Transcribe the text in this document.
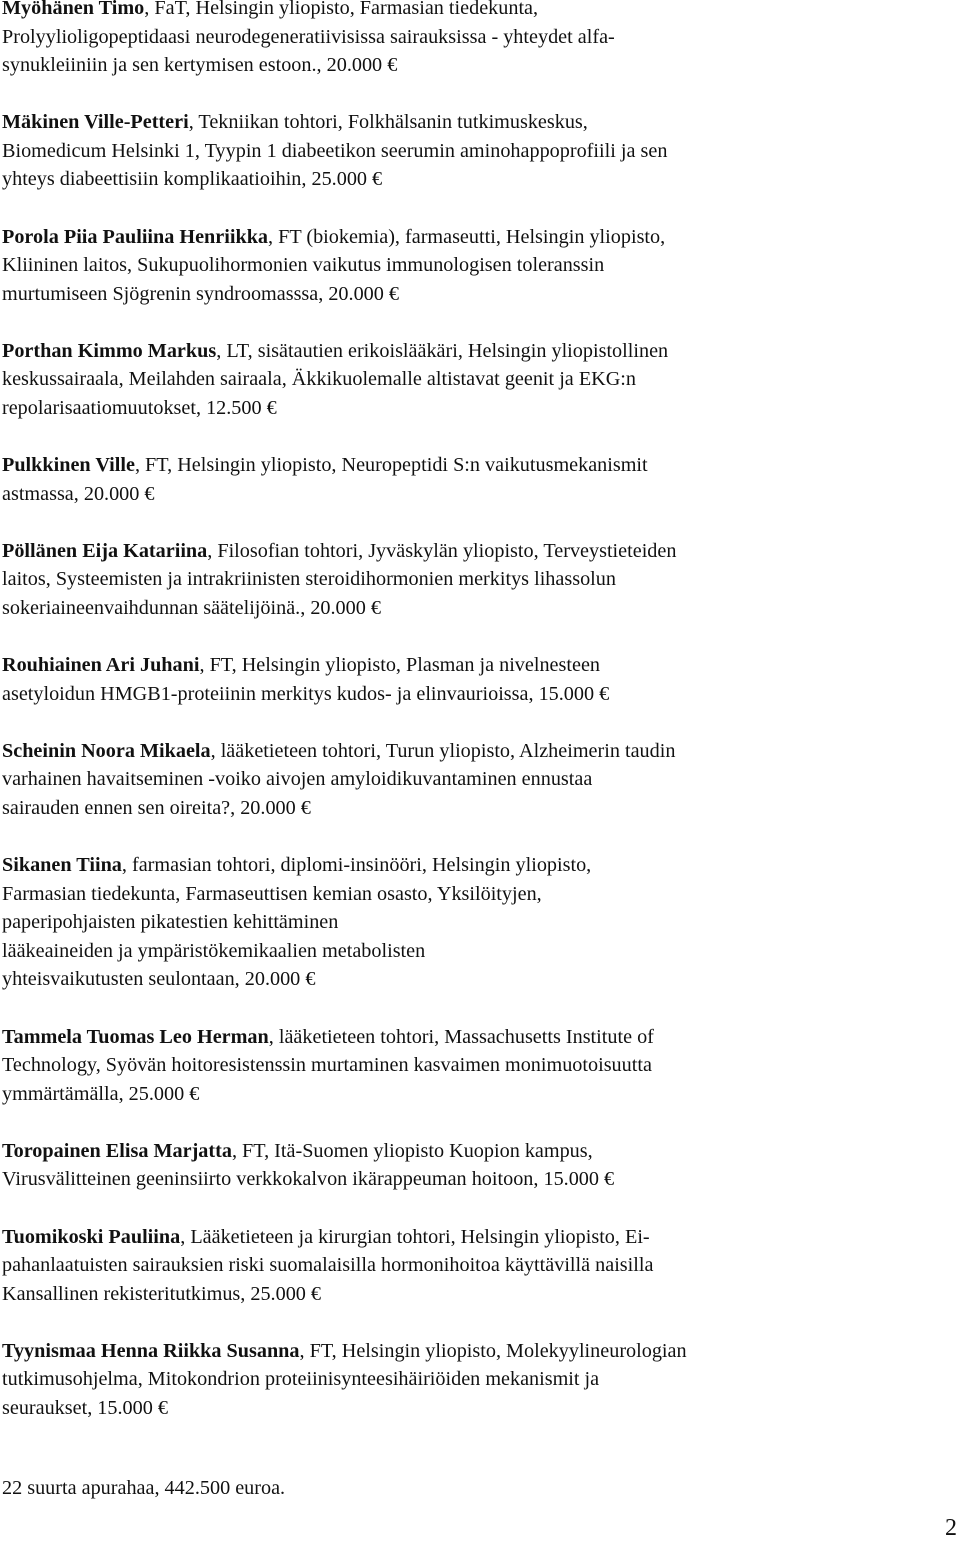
Myöhänen Timo, FaT, Helsingin yliopisto, Farmasian tiedekunta,
Prolyylioligopeptidaasi neurodegeneratiivisissa sairauksissa - yhteydet alfa-
synukleiiniin ja sen kertymisen estoon., 20.000 €
Mäkinen Ville-Petteri, Tekniikan tohtori, Folkhälsanin tutkimuskeskus,
Biomedicum Helsinki 1, Tyypin 1 diabeetikon seerumin aminohappoprofiili ja sen
yhteys diabeettisiin komplikaatioihin, 25.000 €
Porola Piia Pauliina Henriikka, FT (biokemia), farmaseutti, Helsingin yliopisto,
Kliininen laitos, Sukupuolihormonien vaikutus immunologisen toleranssin
murtumiseen Sjögrenin syndroomasssa, 20.000 €
Porthan Kimmo Markus, LT, sisätautien erikoislääkäri, Helsingin yliopistollinen
keskussairaala, Meilahden sairaala, Äkkikuolemalle altistavat geenit ja EKG:n
repolarisaatiomuutokset, 12.500 €
Pulkkinen Ville, FT, Helsingin yliopisto, Neuropeptidi S:n vaikutusmekanismit
astmassa, 20.000 €
Pöllänen Eija Katariina, Filosofian tohtori, Jyväskylän yliopisto, Terveystieteiden
laitos, Systeemisten ja intrakriinisten steroidihormonien merkitys lihassolun
sokeriaineenvaihdunnan säätelijöinä., 20.000 €
Rouhiainen Ari Juhani, FT, Helsingin yliopisto, Plasman ja nivelnesteen
asetyloidun HMGB1-proteiinin merkitys kudos- ja elinvaurioissa, 15.000 €
Scheinin Noora Mikaela, lääketieteen tohtori, Turun yliopisto, Alzheimerin taudin
varhainen havaitseminen -voiko aivojen amyloidikuvantaminen ennustaa
sairauden ennen sen oireita?, 20.000 €
Sikanen Tiina, farmasian tohtori, diplomi-insinööri, Helsingin yliopisto,
Farmasian tiedekunta, Farmaseuttisen kemian osasto, Yksilöityjen,
paperipohjaisten pikatestien kehittäminen
lääkeaineiden ja ympäristökemikaalien metabolisten
yhteisvaikutusten seulontaan, 20.000 €
Tammela Tuomas Leo Herman, lääketieteen tohtori, Massachusetts Institute of
Technology, Syövän hoitoresistenssin murtaminen kasvaimen monimuotoisuutta
ymmärtämälla, 25.000 €
Toropainen Elisa Marjatta, FT, Itä-Suomen yliopisto Kuopion kampus,
Virusvälitteinen geeninsiirto verkkokalvon ikärappeuman hoitoon, 15.000 €
Tuomikoski Pauliina, Lääketieteen ja kirurgian tohtori, Helsingin yliopisto, Ei-
pahanlaatuisten sairauksien riski suomalaisilla hormonihoitoa käyttävillä naisilla
Kansallinen rekisteritutkimus, 25.000 €
Tyynismaa Henna Riikka Susanna, FT, Helsingin yliopisto, Molekyylineurologian
tutkimusohjelma, Mitokondrion proteiinisynteesihäiriöiden mekanismit ja
seuraukset, 15.000 €
22 suurta apurahaa, 442.500 euroa.
2
